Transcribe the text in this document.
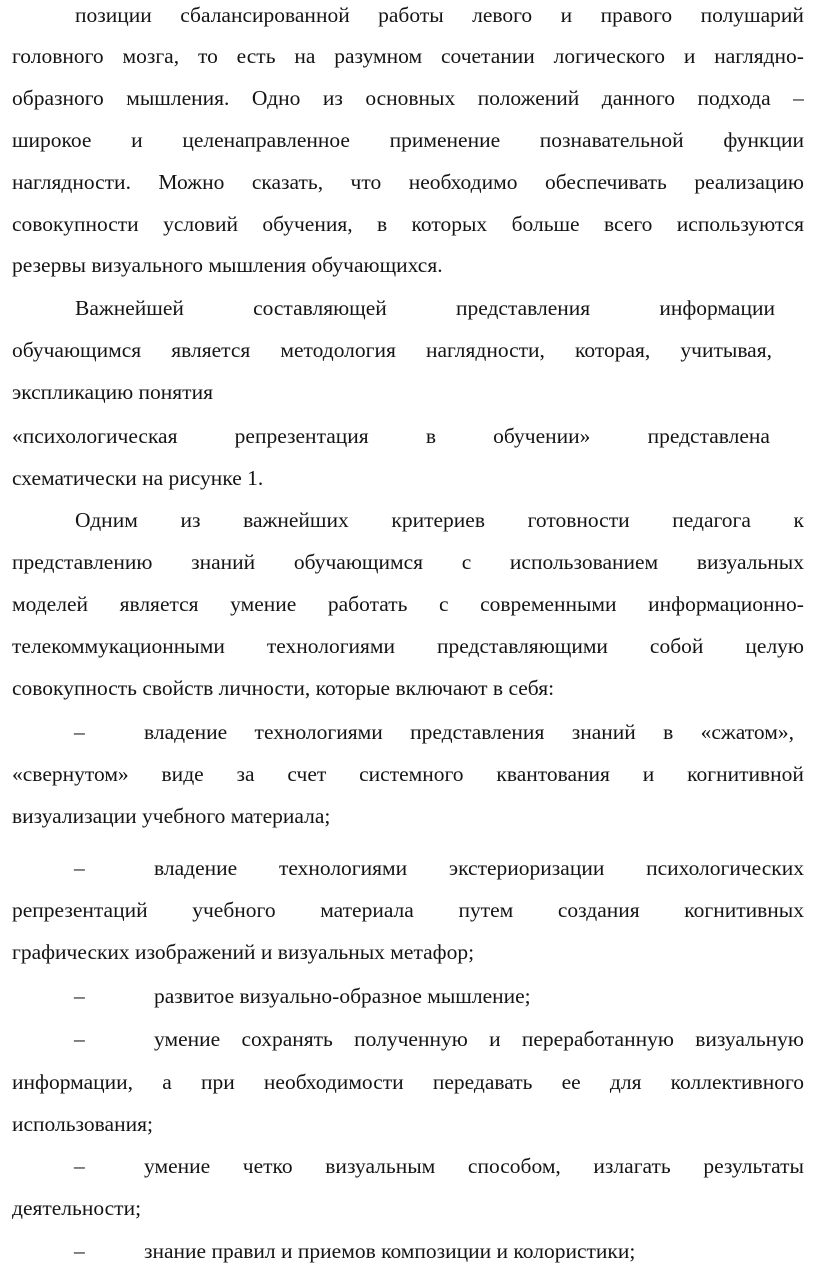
позиции сбалансированной работы левого и правого полушарий
головного мозга, то есть на разумном сочетании логического и наглядно-
образного мышления. Одно из основных положений данного подхода –
широкое и целенаправленное применение познавательной функции
наглядности. Можно сказать, что необходимо обеспечивать реализацию
совокупности условий обучения, в которых больше всего используются
резервы визуального мышления обучающихся.
Важнейшей	составляющей	представления	информации
обучающимся является методология наглядности, которая, учитывая,
экспликацию понятия
«психологическая	репрезентация	в	обучении»	представлена
схематически на рисунке 1.
Одним из важнейших критериев готовности педагога к
представлению знаний обучающимся с использованием визуальных
моделей является умение работать с современными информационно-
телекоммукационными технологиями представляющими собой целую
совокупность свойств личности, которые включают в себя:
–	владение технологиями представления знаний в «сжатом»,
«свернутом» виде за счет системного квантования и когнитивной
визуализации учебного материала;
–	владение технологиями экстериоризации психологических
репрезентаций учебного материала путем создания когнитивных
графических изображений и визуальных метафор;
–	развитое визуально-образное мышление;
–	умение сохранять полученную и переработанную визуальную
информации, а при необходимости передавать ее для коллективного
использования;
–	умение четко визуальным способом, излагать результаты
деятельности;
–	знание правил и приемов композиции и колористики;
